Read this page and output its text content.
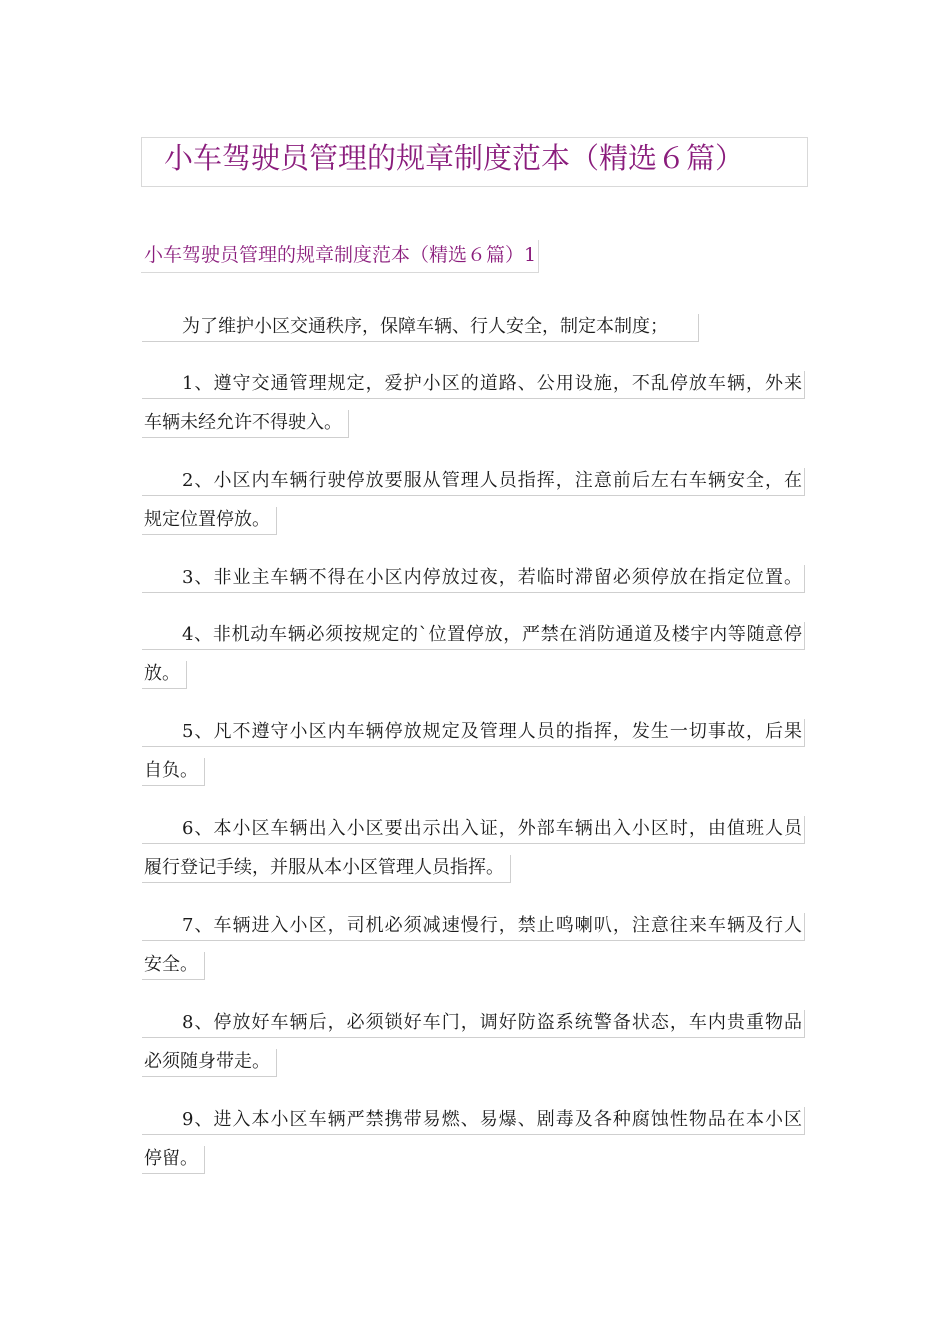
小车驾驶员管理的规章制度范本（精选６篇）
小车驾驶员管理的规章制度范本（精选６篇）1
为了维护小区交通秩序，保障车辆、行人安全，制定本制度；
1、遵守交通管理规定，爱护小区的道路、公用设施，不乱停放车辆，外来
车辆未经允许不得驶入。
2、小区内车辆行驶停放要服从管理人员指挥，注意前后左右车辆安全，在
规定位置停放。
3、非业主车辆不得在小区内停放过夜，若临时滞留必须停放在指定位置。
4、非机动车辆必须按规定的`位置停放，严禁在消防通道及楼宇内等随意停
放。
5、凡不遵守小区内车辆停放规定及管理人员的指挥，发生一切事故，后果
自负。
6、本小区车辆出入小区要出示出入证，外部车辆出入小区时，由值班人员
履行登记手续，并服从本小区管理人员指挥。
7、车辆进入小区，司机必须减速慢行，禁止鸣喇叭，注意往来车辆及行人
安全。
8、停放好车辆后，必须锁好车门，调好防盗系统警备状态，车内贵重物品
必须随身带走。
9、进入本小区车辆严禁携带易燃、易爆、剧毒及各种腐蚀性物品在本小区
停留。
